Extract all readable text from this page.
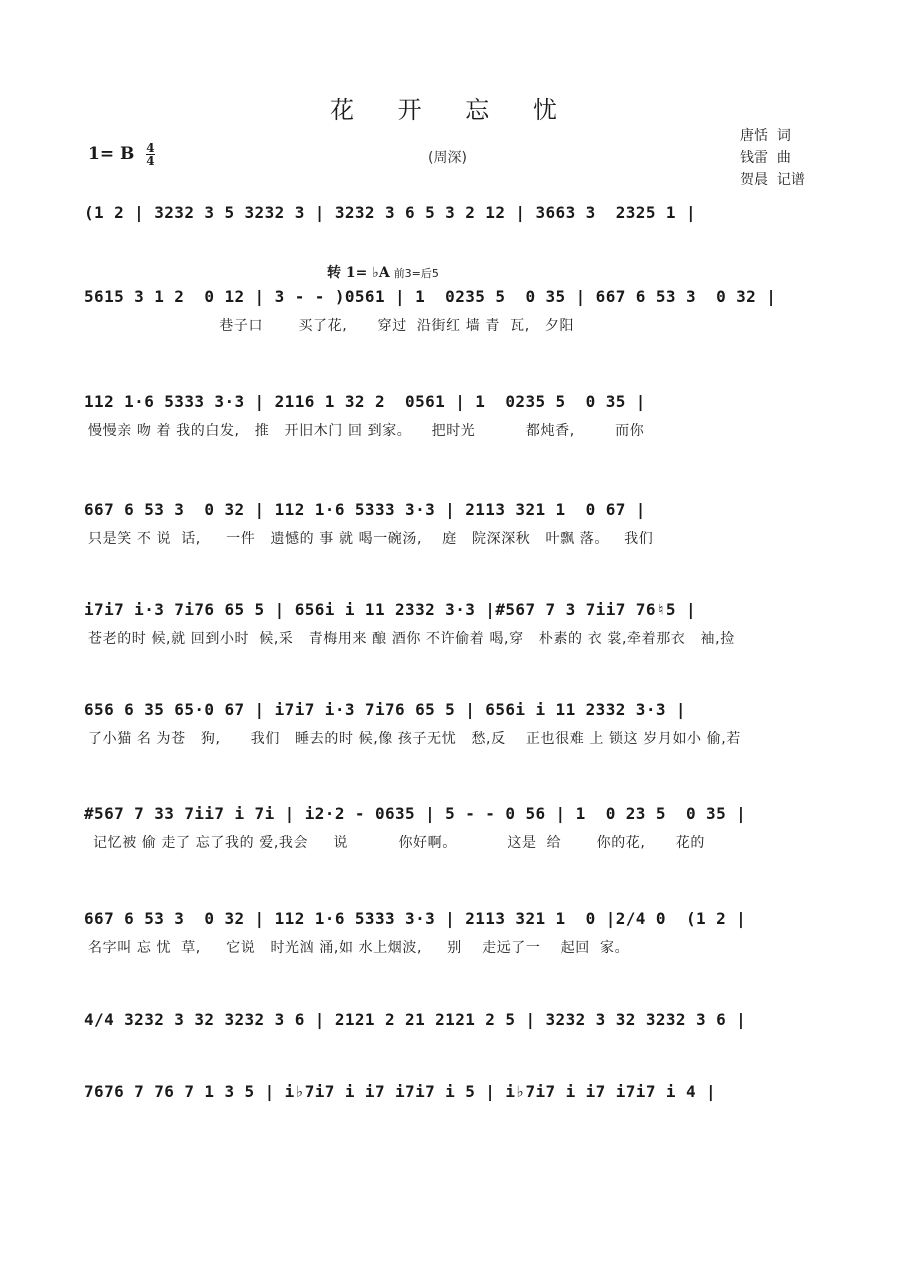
花 开 忘 忧
1= B $\frac{4}{4}$	(周深)
唐恬  词
钱雷  曲
贺晨  记谱
转 1= ♭A 前3=后5
(1 2 | 3232 3 5 3232 3 | 3232 3 6 5 3 2 12 | 3663 3  2325 1 |
5615 3 1 2  0 12 | 3 - - )0561 | 1  0235 5  0 35 | 667 6 53 3  0 32 |
巷子口       买了花,      穿过  沿街红 墙 青  瓦,   夕阳
112 1·6 5333 3·3 | 2116 1 32 2  0561 | 1  0235 5  0 35 |
慢慢亲 吻 着 我的白发,   推   开旧木门 回 到家。    把时光          都炖香,        而你
667 6 53 3  0 32 | 112 1·6 5333 3·3 | 2113 321 1  0 67 |
只是笑 不 说  话,     一件   遗憾的 事 就 喝一碗汤,    庭   院深深秋   叶飘 落。   我们
i7i7 i·3 7i76 65 5 | 656i i 11 2332 3·3 |#567 7 3 7ii7 76♮5 |
苍老的时 候,就 回到小时  候,采   青梅用来 酿 酒你 不许偷着 喝,穿   朴素的 衣 裳,牵着那衣   袖,捡
656 6 35 65·0 67 | i7i7 i·3 7i76 65 5 | 656i i 11 2332 3·3 |
了小猫 名 为苍   狗,      我们   睡去的时 候,像 孩子无忧   愁,反    正也很难 上 锁这 岁月如小 偷,若
#567 7 33 7ii7 i 7i | i2·2 - 0635 | 5 - - 0 56 | 1  0 23 5  0 35 |
记忆被 偷 走了 忘了我的 爱,我会     说          你好啊。          这是  给       你的花,      花的
667 6 53 3  0 32 | 112 1·6 5333 3·3 | 2113 321 1  0 |2/4 0  (1 2 |
名字叫 忘 忧  草,     它说   时光汹 涌,如 水上烟波,     别    走远了一    起回  家。
4/4 3232 3 32 3232 3 6 | 2121 2 21 2121 2 5 | 3232 3 32 3232 3 6 |
7676 7 76 7 1 3 5 | i♭7i7 i i7 i7i7 i 5 | i♭7i7 i i7 i7i7 i 4 |
